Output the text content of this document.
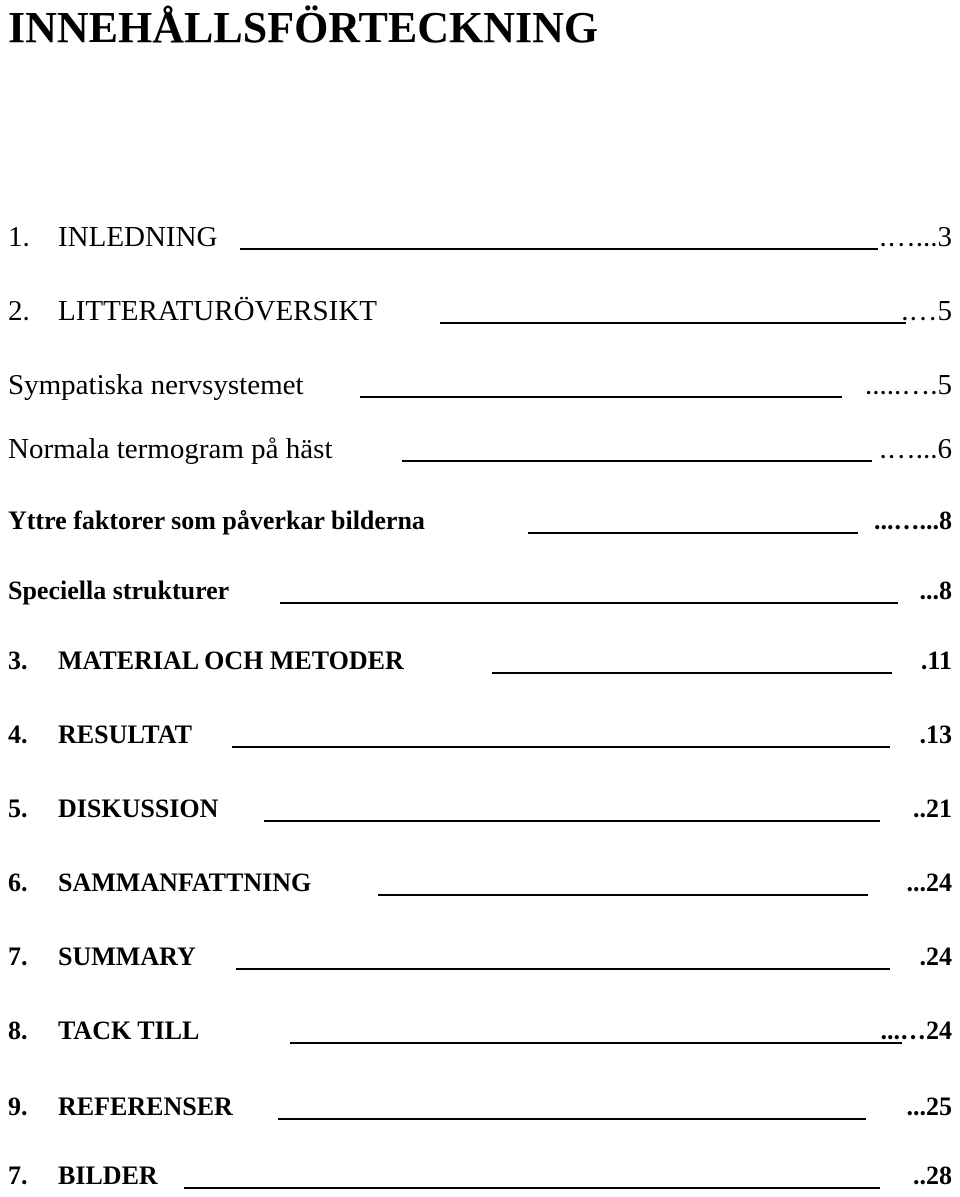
INNEHÅLLSFÖRTECKNING
1. INLEDNING	.…...3
2. LITTERATURÖVERSIKT	.…5
Sympatiska nervsystemet	.....….5
Normala termogram på häst	.…...6
Yttre faktorer som påverkar bilderna	...…...8
Speciella strukturer	...8
3. MATERIAL OCH METODER	.11
4. RESULTAT	.13
5. DISKUSSION	..21
6. SAMMANFATTNING	...24
7. SUMMARY	.24
8. TACK TILL	...…24
9. REFERENSER	...25
7. BILDER	..28
